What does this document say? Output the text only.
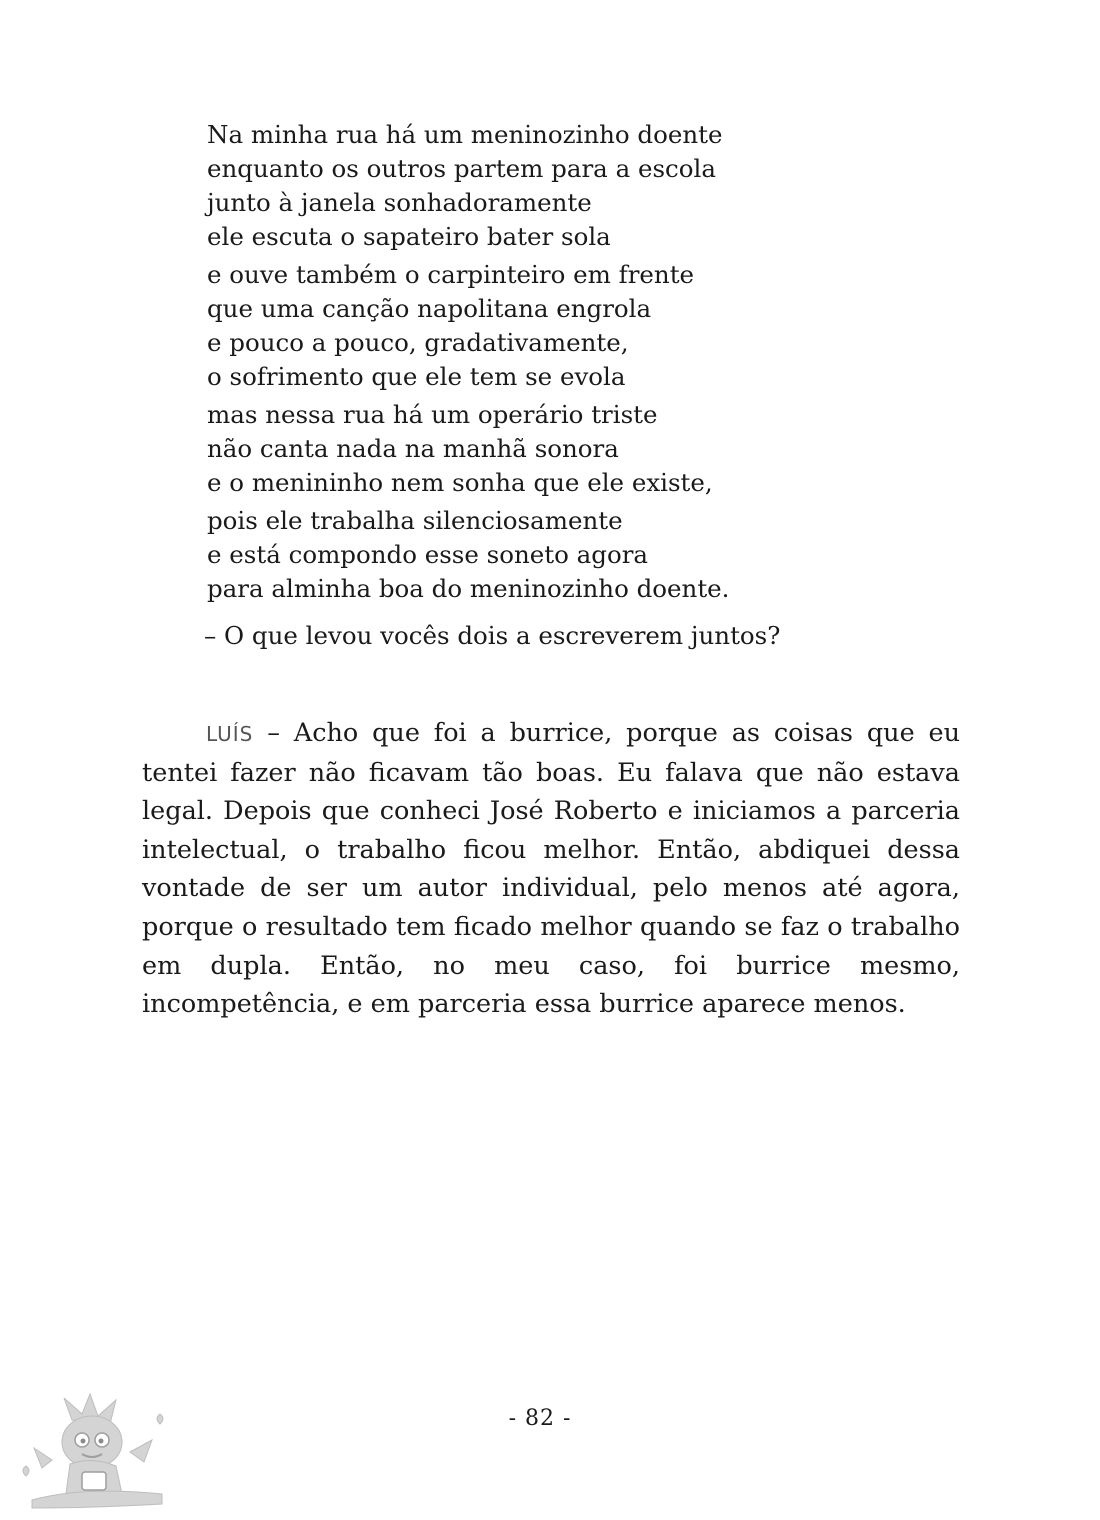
Na minha rua há um meninozinho doente
enquanto os outros partem para a escola
junto à janela sonhadoramente
ele escuta o sapateiro bater sola
e ouve também o carpinteiro em frente
que uma canção napolitana engrola
e pouco a pouco, gradativamente,
o sofrimento que ele tem se evola
mas nessa rua há um operário triste
não canta nada na manhã sonora
e o menininho nem sonha que ele existe,
pois ele trabalha silenciosamente
e está compondo esse soneto agora
para alminha boa do meninozinho doente.
– O que levou vocês dois a escreverem juntos?

LUÍS – Acho que foi a burrice, porque as coisas que eu tentei fazer não ficavam tão boas. Eu falava que não estava legal. Depois que conheci José Roberto e iniciamos a parceria intelectual, o trabalho ficou melhor. Então, abdiquei dessa vontade de ser um autor individual, pelo menos até agora, porque o resultado tem ficado melhor quando se faz o trabalho em dupla. Então, no meu caso, foi burrice mesmo, incompetência, e em parceria essa burrice aparece menos.

- 82 -
